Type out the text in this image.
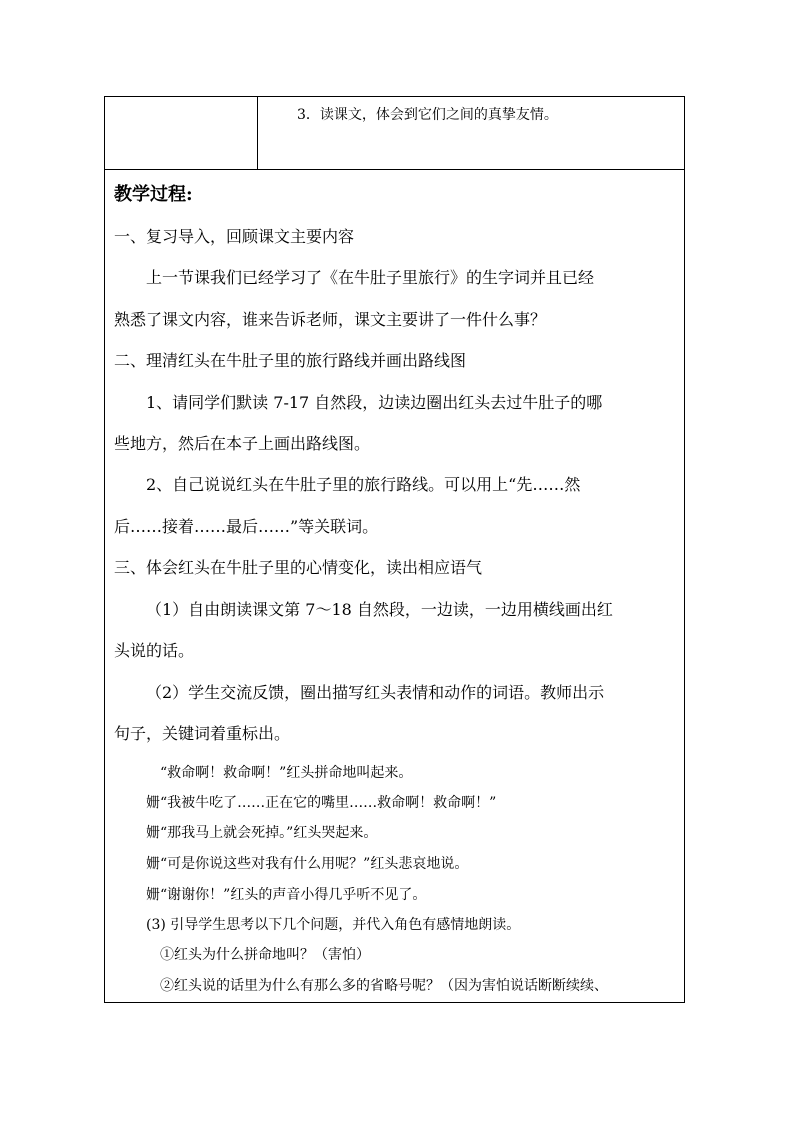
3．读课文，体会到它们之间的真挚友情。
教学过程:
一、复习导入，回顾课文主要内容
上一节课我们已经学习了《在牛肚子里旅行》的生字词并且已经
熟悉了课文内容，谁来告诉老师，课文主要讲了一件什么事？
二、理清红头在牛肚子里的旅行路线并画出路线图
1、请同学们默读 7-17 自然段，边读边圈出红头去过牛肚子的哪
些地方，然后在本子上画出路线图。
2、自己说说红头在牛肚子里的旅行路线。可以用上“先……然
后……接着……最后……”等关联词。
三、体会红头在牛肚子里的心情变化，读出相应语气
（1）自由朗读课文第 7～18 自然段，一边读，一边用横线画出红
头说的话。
（2）学生交流反馈，圈出描写红头表情和动作的词语。教师出示
句子，关键词着重标出。
“救命啊！救命啊！”红头拼命地叫起来。
姗“我被牛吃了……正在它的嘴里……救命啊！救命啊！”
姗“那我马上就会死掉。”红头哭起来。
姗“可是你说这些对我有什么用呢？”红头悲哀地说。
姗“谢谢你！”红头的声音小得几乎听不见了。
(3) 引导学生思考以下几个问题，并代入角色有感情地朗读。
①红头为什么拼命地叫？（害怕）
②红头说的话里为什么有那么多的省略号呢？（因为害怕说话断断续续、
